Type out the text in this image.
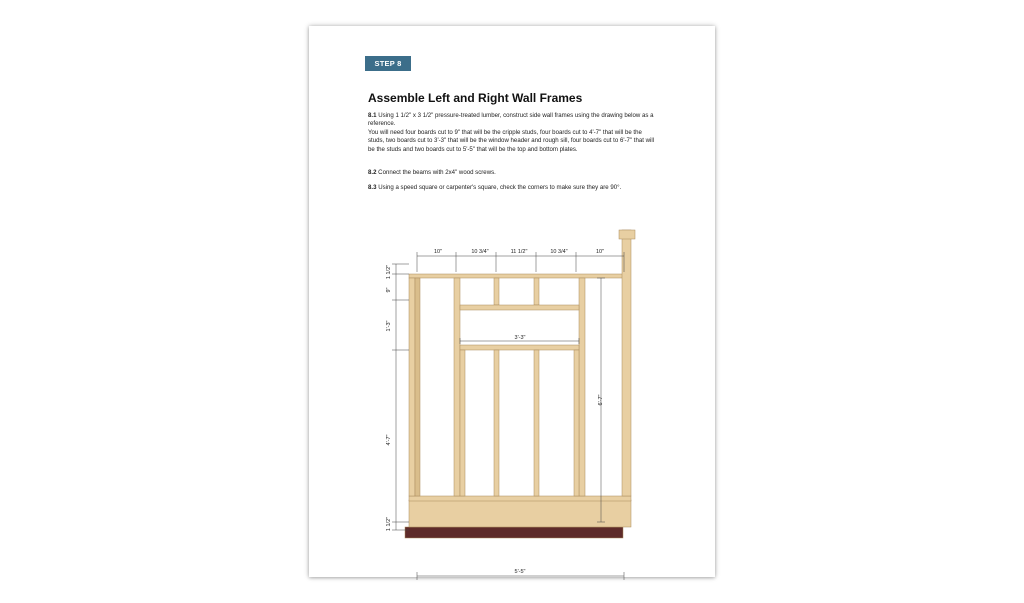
STEP 8
Assemble Left and Right Wall Frames

8.1 Using 1 1/2" x 3 1/2" pressure-treated lumber, construct side wall frames using the drawing below as a reference.
You will need four boards cut to 9" that will be the cripple studs, four boards cut to 4'-7" that will be the studs, two boards cut to 3'-3" that will be the window header and rough sill, four boards cut to 6'-7" that will be the studs and two boards cut to 5'-5" that will be the top and bottom plates.

8.2 Connect the beams with 2x4" wood screws.

8.3 Using a speed square or carpenter's square, check the corners to make sure they are 90°.

10"	10 3/4"	11 1/2"	10 3/4"	10"
1 1/2"
9"
1'-3"
4'-7"
1 1/2"
3'-3"
6'-7"
5'-5"
